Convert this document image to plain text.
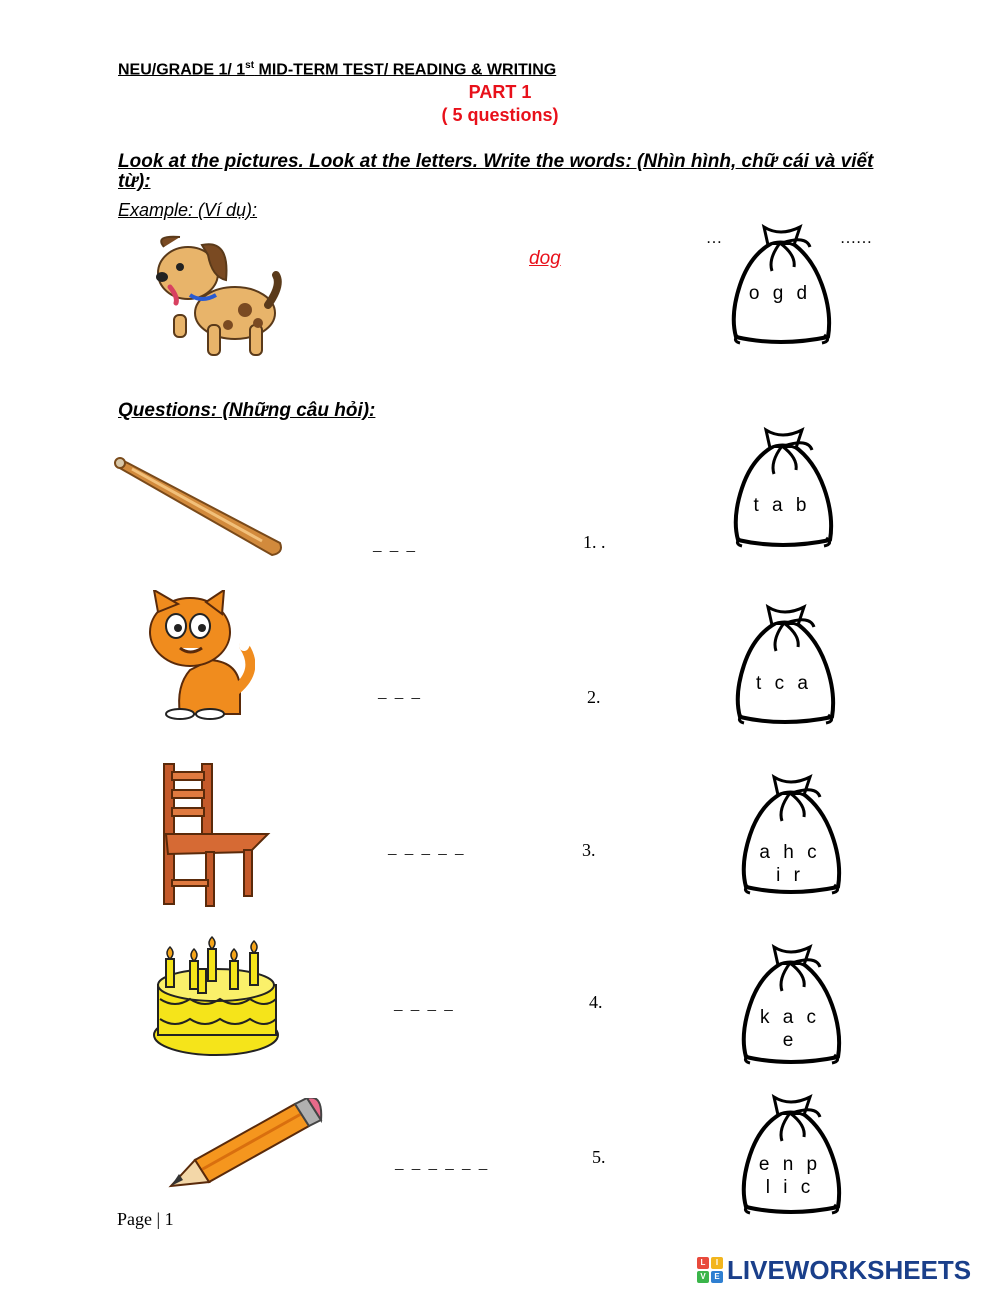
NEU/GRADE 1/ 1st MID-TERM TEST/ READING & WRITING
PART 1
( 5 questions)
Look at the pictures. Look at the letters. Write the words: (Nhìn hình, chữ cái và viết từ):
Example: (Ví dụ):
dog
…	……
o g d
Questions: (Những câu hỏi):
_ _ _	1. .
t a b
_ _ _	2.
t c a
_ _ _ _ _	3.	a h c
i r
_ _ _ _	4.
k a c
e
_ _ _ _ _ _	5.	e n p
l i c
Page | 1
L	I
V	E LIVEWORKSHEETS
